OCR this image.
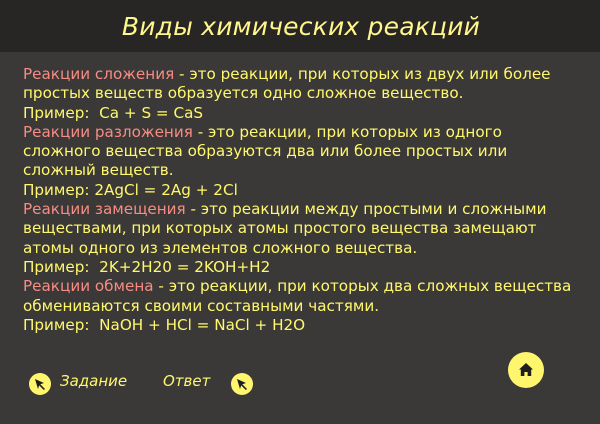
Виды химических реакций

Реакции сложения - это реакции, при которых из двух или более простых веществ образуется одно сложное вещество.

Пример: Ca + S = CaS

Реакции разложения - это реакции, при которых из одного сложного вещества образуются два или более простых или сложный веществ.

Пример: 2AgCl = 2Ag + 2Cl

Реакции замещения - это реакции между простыми и сложными веществами, при которых атомы простого вещества замещают атомы одного из элементов сложного вещества.

Пример: 2K+2H20 = 2KOH+H2

Реакции обмена - это реакции, при которых два сложных вещества обмениваются своими составными частями.

Пример: NaOH + HCl = NaCl + H2O

Задание Ответ
